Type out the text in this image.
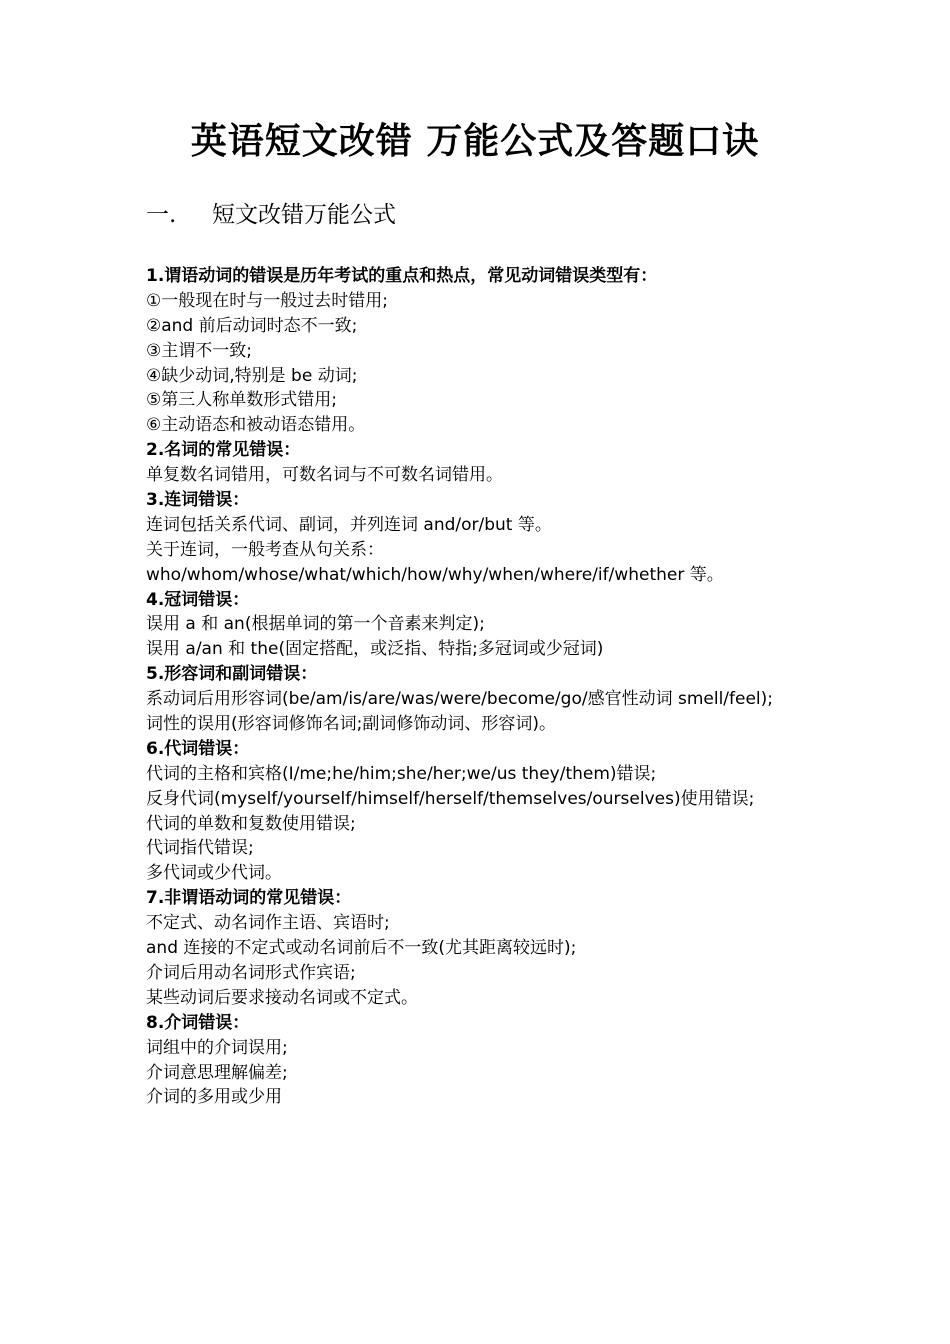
英语短文改错 万能公式及答题口诀
一. 短文改错万能公式

1.谓语动词的错误是历年考试的重点和热点，常见动词错误类型有：

①一般现在时与一般过去时错用;

②and 前后动词时态不一致;

③主谓不一致;

④缺少动词,特别是 be 动词;

⑤第三人称单数形式错用;

⑥主动语态和被动语态错用。

2.名词的常见错误：

单复数名词错用，可数名词与不可数名词错用。

3.连词错误：

连词包括关系代词、副词，并列连词 and/or/but 等。

关于连词，一般考查从句关系：

who/whom/whose/what/which/how/why/when/where/if/whether 等。

4.冠词错误：

误用 a 和 an(根据单词的第一个音素来判定);

误用 a/an 和 the(固定搭配，或泛指、特指;多冠词或少冠词)

5.形容词和副词错误：

系动词后用形容词(be/am/is/are/was/were/become/go/感官性动词 smell/feel);

词性的误用(形容词修饰名词;副词修饰动词、形容词)。

6.代词错误：

代词的主格和宾格(I/me;he/him;she/her;we/us they/them)错误;

反身代词(myself/yourself/himself/herself/themselves/ourselves)使用错误;

代词的单数和复数使用错误;

代词指代错误;

多代词或少代词。

7.非谓语动词的常见错误：

不定式、动名词作主语、宾语时;

and 连接的不定式或动名词前后不一致(尤其距离较远时);

介词后用动名词形式作宾语;

某些动词后要求接动名词或不定式。

8.介词错误：

词组中的介词误用;

介词意思理解偏差;

介词的多用或少用
